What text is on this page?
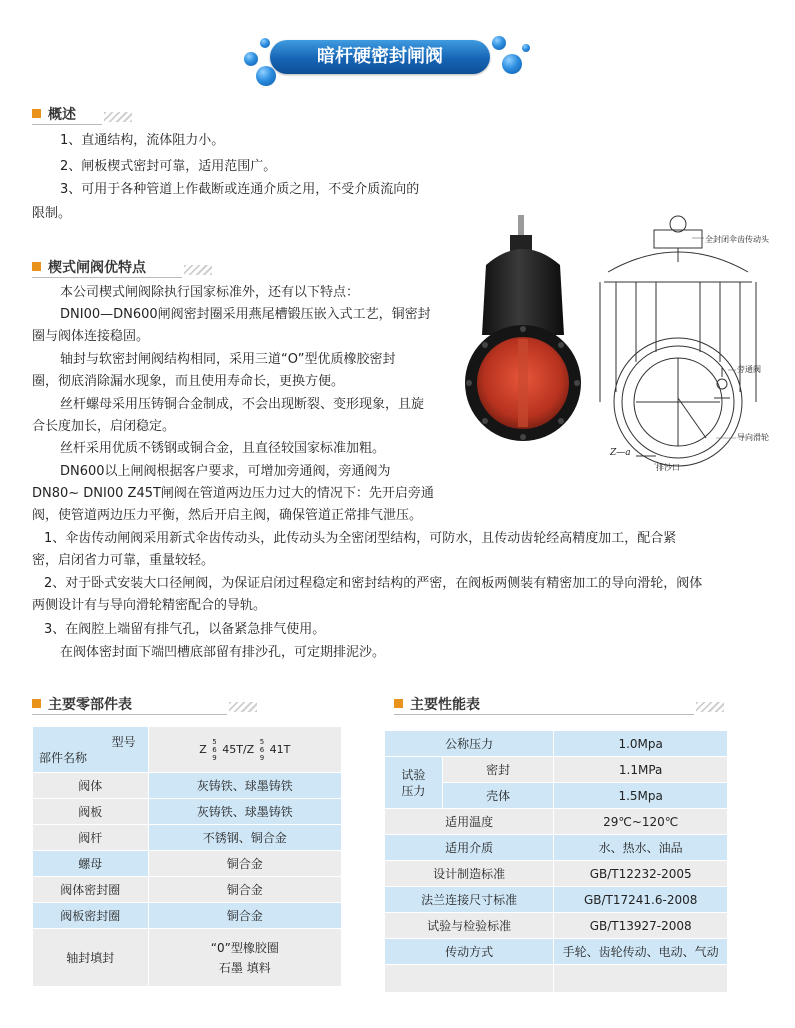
暗杆硬密封闸阀
概述

1、直通结构，流体阻力小。

2、闸板楔式密封可靠，适用范围广。

3、可用于各种管道上作截断或连通介质之用，不受介质流向的

限制。

楔式闸阀优特点

本公司楔式闸阀除执行国家标准外，还有以下特点：

DNI00—DN600闸阀密封圈采用燕尾槽锻压嵌入式工艺，铜密封

圈与阀体连接稳固。

轴封与软密封闸阀结构相同，采用三道“O”型优质橡胶密封

圈，彻底消除漏水现象，而且使用寿命长，更换方便。

丝杆螺母采用压铸铜合金制成，不会出现断裂、变形现象，且旋

合长度加长，启闭稳定。

丝杆采用优质不锈钢或铜合金，且直径较国家标准加粗。

DN600以上闸阀根据客户要求，可增加旁通阀，旁通阀为

DN80~ DNI00 Z45T闸阀在管道两边压力过大的情况下：先开启旁通

阀，使管道两边压力平衡，然后开启主阀，确保管道正常排气泄压。

1、伞齿传动闸阀采用新式伞齿传动头，此传动头为全密闭型结构，可防水，且传动齿轮经高精度加工，配合紧

密，启闭省力可靠，重量较轻。

2、对于卧式安装大口径闸阀，为保证启闭过程稳定和密封结构的严密，在阀板两侧装有精密加工的导向滑轮，阀体

两侧设计有与导向滑轮精密配合的导轨。

3、在阀腔上端留有排气孔，以备紧急排气使用。

在阀体密封面下端凹槽底部留有排沙孔，可定期排泥沙。

全封闭伞齿传动头
旁通阀
导向滑轮
排沙口
Z—a
主要零部件表	主要性能表
型号
部件名称	Z 5
6
9 45T/Z 5
6
9 41T
阀体	灰铸铁、球墨铸铁
阀板	灰铸铁、球墨铸铁
阀杆	不锈钢、铜合金
螺母	铜合金
阀体密封圈	铜合金
阀板密封圈	铜合金
轴封填封	“0”型橡胶圈
石墨 填料
公称压力		1.0Mpa

试验
压力	密封	1.1MPa
	壳体	1.5Mpa
适用温度		29℃~120℃
适用介质		水、热水、油品
设计制造标准		GB/T12232-2005
法兰连接尺寸标准		GB/T17241.6-2008
试验与检验标准		GB/T13927-2008
传动方式		手轮、齿轮传动、电动、气动
